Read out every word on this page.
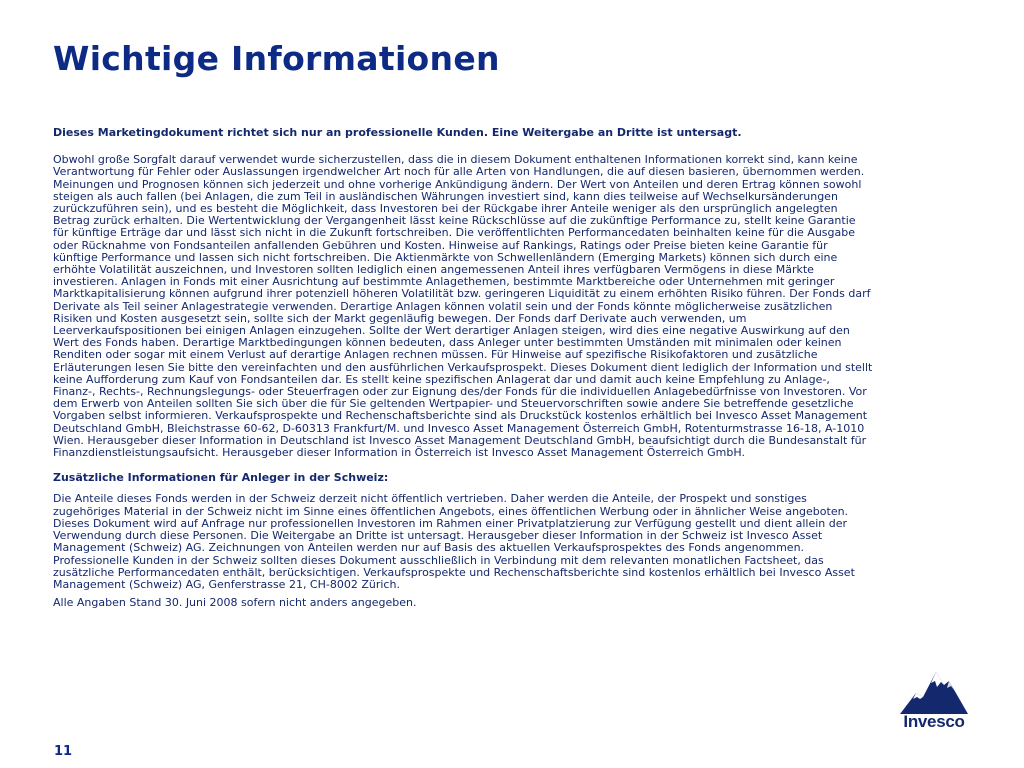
Wichtige Informationen

Dieses Marketingdokument richtet sich nur an professionelle Kunden. Eine Weitergabe an Dritte ist untersagt.

Obwohl große Sorgfalt darauf verwendet wurde sicherzustellen, dass die in diesem Dokument enthaltenen Informationen korrekt sind, kann keine Verantwortung für Fehler oder Auslassungen irgendwelcher Art noch für alle Arten von Handlungen, die auf diesen basieren, übernommen werden. Meinungen und Prognosen können sich jederzeit und ohne vorherige Ankündigung ändern. Der Wert von Anteilen und deren Ertrag können sowohl steigen als auch fallen (bei Anlagen, die zum Teil in ausländischen Währungen investiert sind, kann dies teilweise auf Wechselkursänderungen zurückzuführen sein), und es besteht die Möglichkeit, dass Investoren bei der Rückgabe ihrer Anteile weniger als den ursprünglich angelegten Betrag zurück erhalten. Die Wertentwicklung der Vergangenheit lässt keine Rückschlüsse auf die zukünftige Performance zu, stellt keine Garantie für künftige Erträge dar und lässt sich nicht in die Zukunft fortschreiben. Die veröffentlichten Performancedaten beinhalten keine für die Ausgabe oder Rücknahme von Fondsanteilen anfallenden Gebühren und Kosten. Hinweise auf Rankings, Ratings oder Preise bieten keine Garantie für künftige Performance und lassen sich nicht fortschreiben. Die Aktienmärkte von Schwellenländern (Emerging Markets) können sich durch eine erhöhte Volatilität auszeichnen, und Investoren sollten lediglich einen angemessenen Anteil ihres verfügbaren Vermögens in diese Märkte investieren. Anlagen in Fonds mit einer Ausrichtung auf bestimmte Anlagethemen, bestimmte Marktbereiche oder Unternehmen mit geringer Marktkapitalisierung können aufgrund ihrer potenziell höheren Volatilität bzw. geringeren Liquidität zu einem erhöhten Risiko führen. Der Fonds darf Derivate als Teil seiner Anlagestrategie verwenden. Derartige Anlagen können volatil sein und der Fonds könnte möglicherweise zusätzlichen Risiken und Kosten ausgesetzt sein, sollte sich der Markt gegenläufig bewegen. Der Fonds darf Derivate auch verwenden, um Leerverkaufspositionen bei einigen Anlagen einzugehen. Sollte der Wert derartiger Anlagen steigen, wird dies eine negative Auswirkung auf den Wert des Fonds haben. Derartige Marktbedingungen können bedeuten, dass Anleger unter bestimmten Umständen mit minimalen oder keinen Renditen oder sogar mit einem Verlust auf derartige Anlagen rechnen müssen. Für Hinweise auf spezifische Risikofaktoren und zusätzliche Erläuterungen lesen Sie bitte den vereinfachten und den ausführlichen Verkaufsprospekt. Dieses Dokument dient lediglich der Information und stellt keine Aufforderung zum Kauf von Fondsanteilen dar. Es stellt keine spezifischen Anlagerat dar und damit auch keine Empfehlung zu Anlage-, Finanz-, Rechts-, Rechnungslegungs- oder Steuerfragen oder zur Eignung des/der Fonds für die individuellen Anlagebedürfnisse von Investoren. Vor dem Erwerb von Anteilen sollten Sie sich über die für Sie geltenden Wertpapier- und Steuervorschriften sowie andere Sie betreffende gesetzliche Vorgaben selbst informieren. Verkaufsprospekte und Rechenschaftsberichte sind als Druckstück kostenlos erhältlich bei Invesco Asset Management Deutschland GmbH, Bleichstrasse 60-62, D-60313 Frankfurt/M. und Invesco Asset Management Österreich GmbH, Rotenturmstrasse 16-18, A-1010 Wien. Herausgeber dieser Information in Deutschland ist Invesco Asset Management Deutschland GmbH, beaufsichtigt durch die Bundesanstalt für Finanzdienstleistungsaufsicht. Herausgeber dieser Information in Österreich ist Invesco Asset Management Österreich GmbH.

Zusätzliche Informationen für Anleger in der Schweiz:

Die Anteile dieses Fonds werden in der Schweiz derzeit nicht öffentlich vertrieben. Daher werden die Anteile, der Prospekt und sonstiges zugehöriges Material in der Schweiz nicht im Sinne eines öffentlichen Angebots, eines öffentlichen Werbung oder in ähnlicher Weise angeboten. Dieses Dokument wird auf Anfrage nur professionellen Investoren im Rahmen einer Privatplatzierung zur Verfügung gestellt und dient allein der Verwendung durch diese Personen. Die Weitergabe an Dritte ist untersagt. Herausgeber dieser Information in der Schweiz ist Invesco Asset Management (Schweiz) AG. Zeichnungen von Anteilen werden nur auf Basis des aktuellen Verkaufsprospektes des Fonds angenommen. Professionelle Kunden in der Schweiz sollten dieses Dokument ausschließlich in Verbindung mit dem relevanten monatlichen Factsheet, das zusätzliche Performancedaten enthält, berücksichtigen. Verkaufsprospekte und Rechenschaftsberichte sind kostenlos erhältlich bei Invesco Asset Management (Schweiz) AG, Genferstrasse 21, CH-8002 Zürich.

Alle Angaben Stand 30. Juni 2008 sofern nicht anders angegeben.

11
Invesco
